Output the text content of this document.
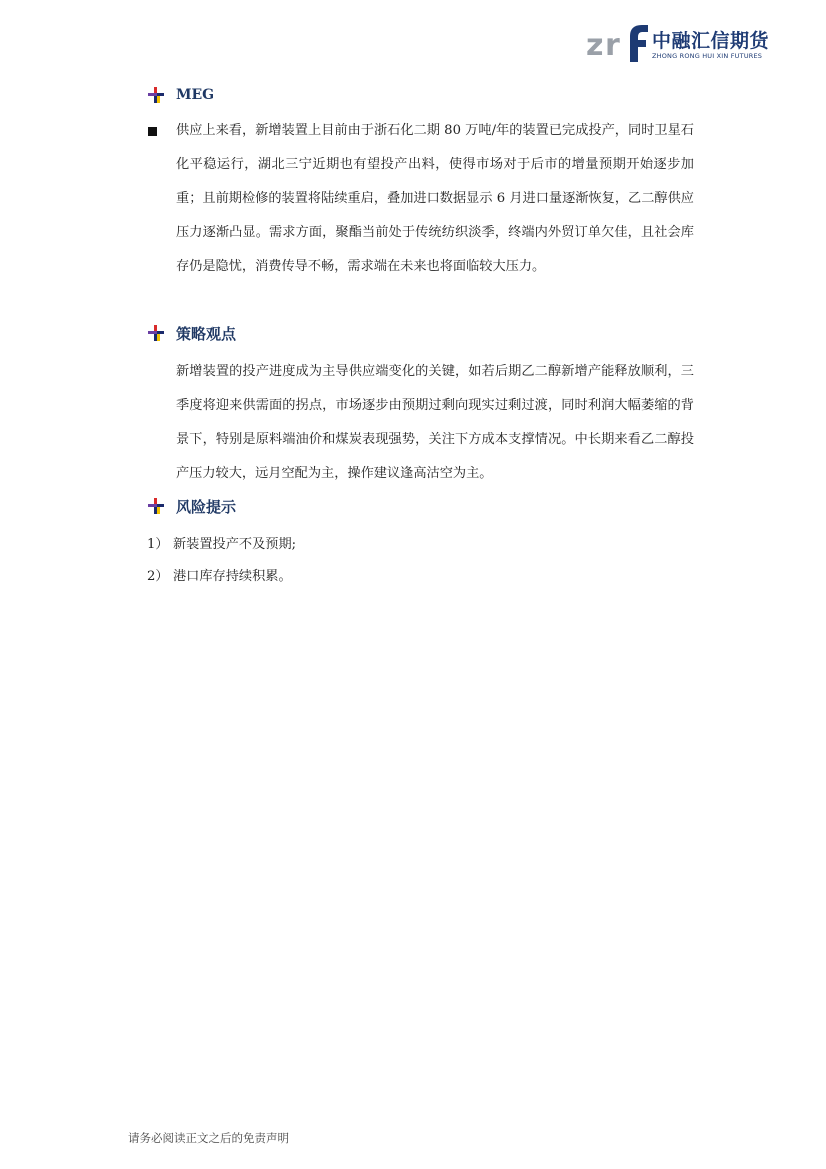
z r 中融汇信期货
ZHONG RONG HUI XIN FUTURES
MEG

供应上来看，新增装置上目前由于浙石化二期 80 万吨/年的装置已完成投产，同时卫星石化平稳运行，湖北三宁近期也有望投产出料，使得市场对于后市的增量预期开始逐步加重；且前期检修的装置将陆续重启，叠加进口数据显示 6 月进口量逐渐恢复，乙二醇供应压力逐渐凸显。需求方面，聚酯当前处于传统纺织淡季，终端内外贸订单欠佳，且社会库存仍是隐忧，消费传导不畅，需求端在未来也将面临较大压力。

策略观点

新增装置的投产进度成为主导供应端变化的关键，如若后期乙二醇新增产能释放顺利，三季度将迎来供需面的拐点，市场逐步由预期过剩向现实过剩过渡，同时利润大幅萎缩的背景下，特别是原料端油价和煤炭表现强势，关注下方成本支撑情况。中长期来看乙二醇投产压力较大，远月空配为主，操作建议逢高沽空为主。

风险提示
1） 新装置投产不及预期;
2） 港口库存持续积累。
请务必阅读正文之后的免责声明
